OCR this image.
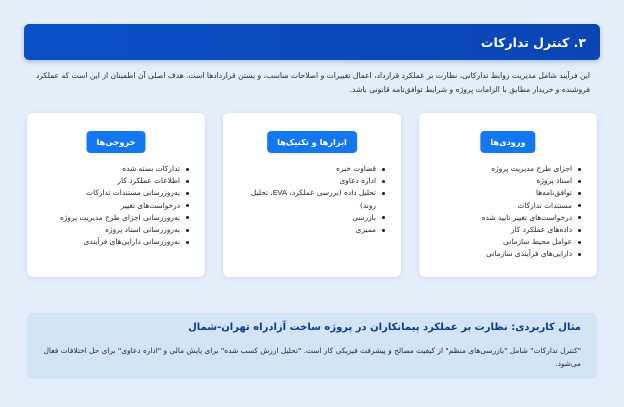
۳. کنترل تدارکات

این فرآیند شامل مدیریت روابط تدارکاتی، نظارت بر عملکرد قرارداد، اعمال تغییرات و اصلاحات مناسب، و بستن قراردادها است. هدف اصلی آن اطمینان از این است که عملکرد فروشنده و خریدار مطابق با الزامات پروژه و شرایط توافق‌نامه قانونی باشد.

ورودی‌ها
اجزای طرح مدیریت پروژه
اسناد پروژه
توافق‌نامه‌ها
مستندات تدارکات
درخواست‌های تغییر تایید شده
داده‌های عملکرد کار
عوامل محیط سازمانی
دارایی‌های فرآیندی سازمانی
ابزارها و تکنیک‌ها
قضاوت خبره
اداره دعاوی
تحلیل داده (بررسی عملکرد، EVA، تحلیل روند)
بازرسی
ممیزی
خروجی‌ها
تدارکات بسته شده
اطلاعات عملکرد کار
به‌روزرسانی مستندات تدارکات
درخواست‌های تغییر
به‌روزرسانی اجزای طرح مدیریت پروژه
به‌روزرسانی اسناد پروژه
به‌روزرسانی دارایی‌های فرآیندی
مثال کاربردی: نظارت بر عملکرد پیمانکاران در پروژه ساخت آزادراه تهران-شمال

"کنترل تدارکات" شامل "بازرسی‌های منظم" از کیفیت مصالح و پیشرفت فیزیکی کار است. "تحلیل ارزش کسب شده" برای پایش مالی و "اداره دعاوی" برای حل اختلافات فعال می‌شود.
